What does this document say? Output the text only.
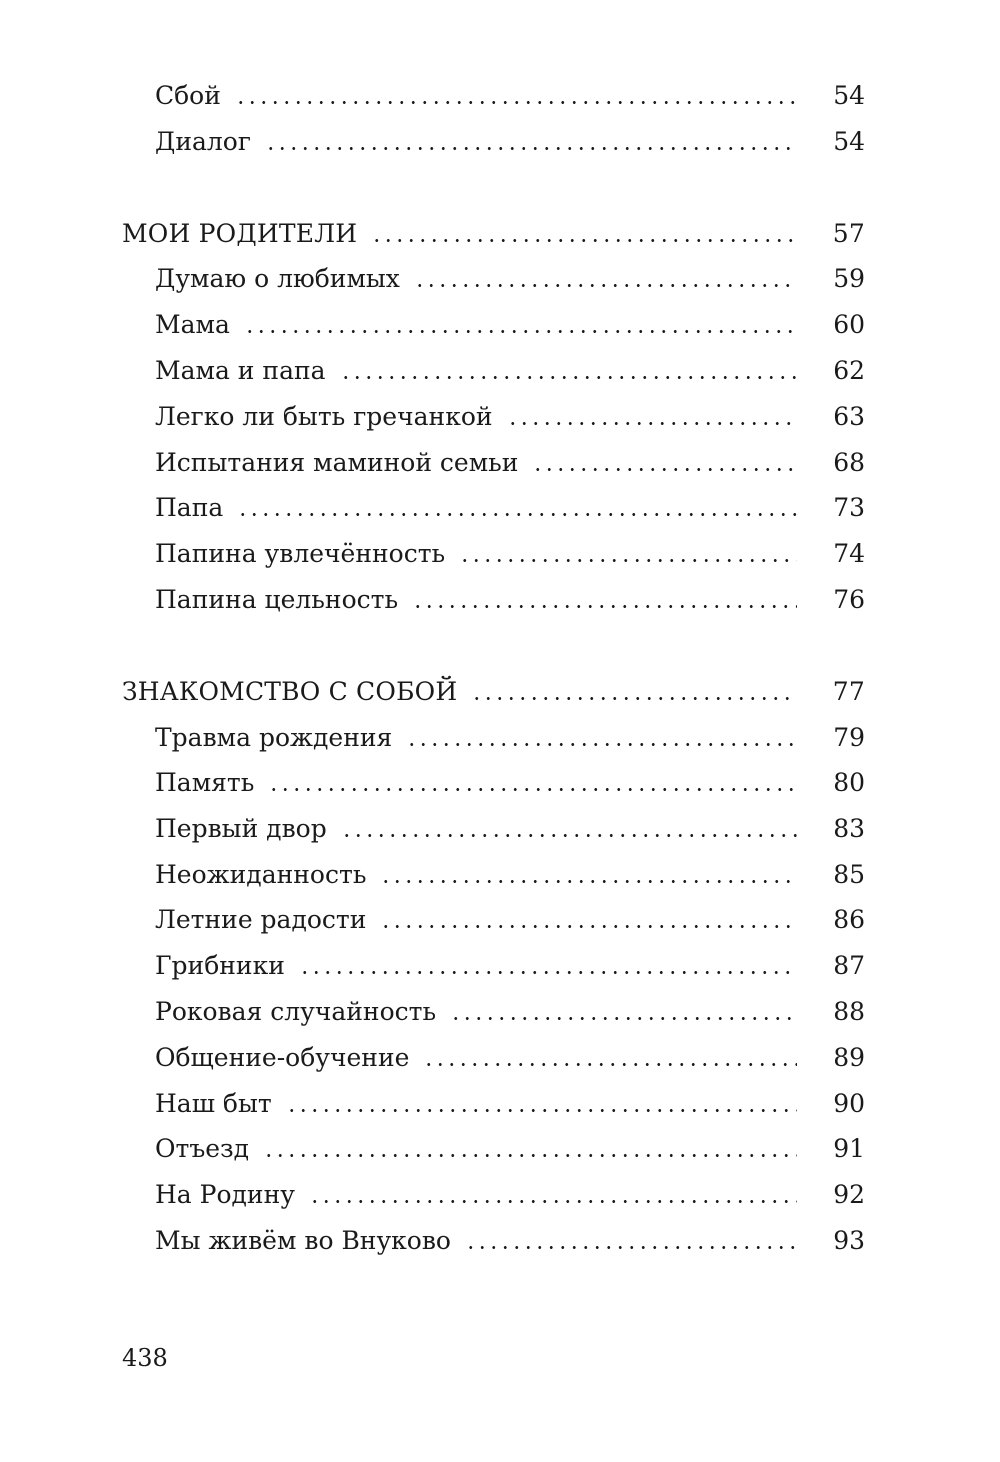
Сбой	54
Диалог	54
МОИ РОДИТЕЛИ	57
Думаю о любимых	59
Мама	60
Мама и папа	62
Легко ли быть гречанкой	63
Испытания маминой семьи	68
Папа	73
Папина увлечённость	74
Папина цельность	76
ЗНАКОМСТВО С СОБОЙ	77
Травма рождения	79
Память	80
Первый двор	83
Неожиданность	85
Летние радости	86
Грибники	87
Роковая случайность	88
Общение-обучение	89
Наш быт	90
Отъезд	91
На Родину	92
Мы живём во Внуково	93
438
